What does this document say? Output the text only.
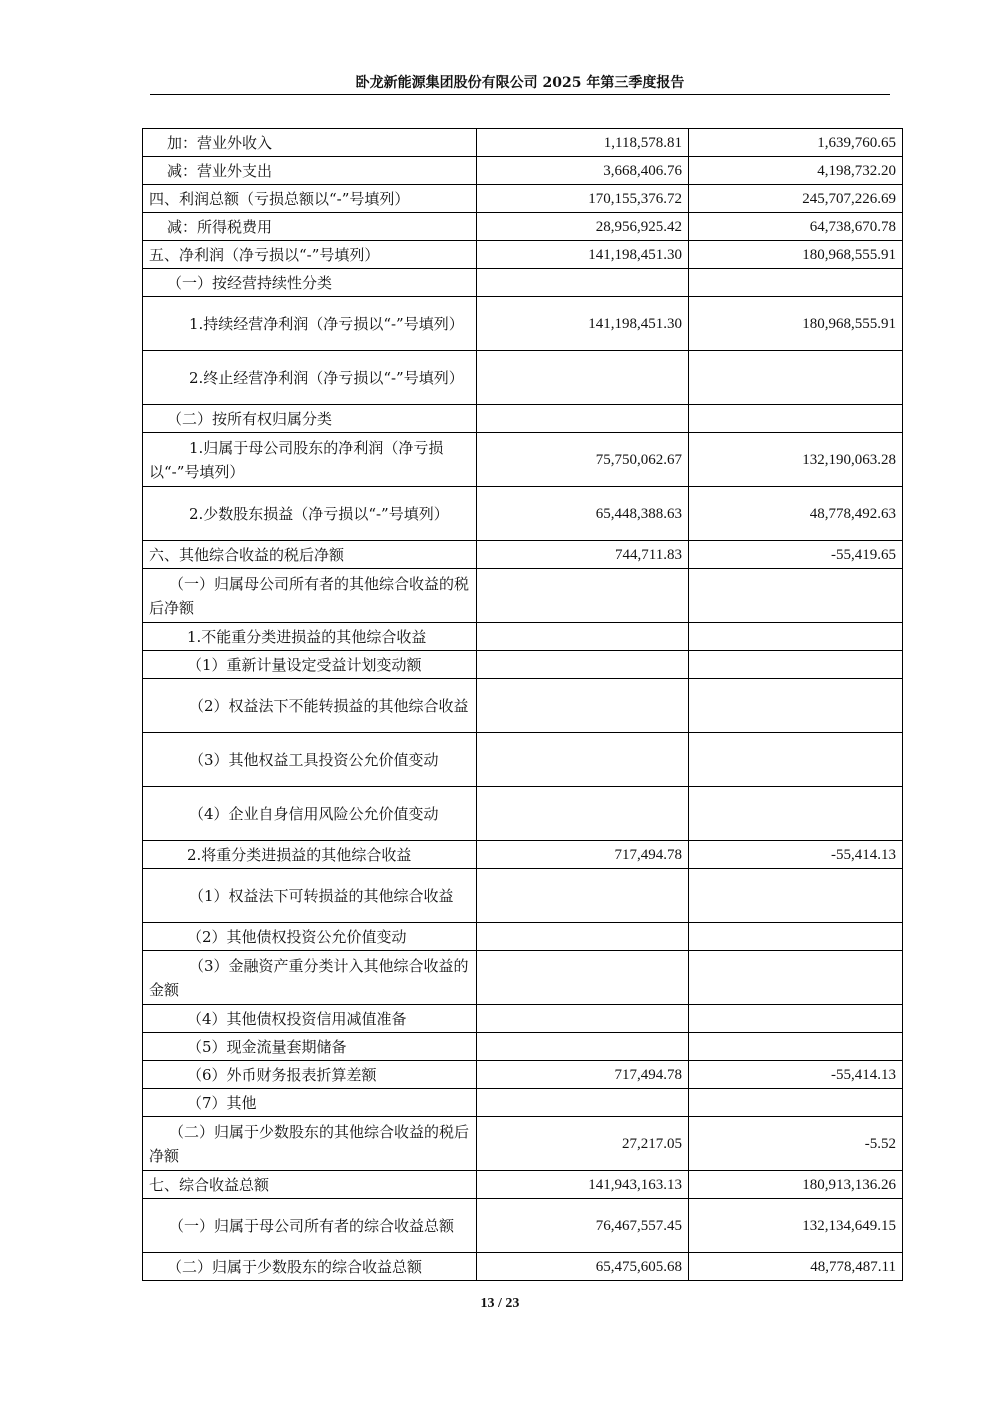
卧龙新能源集团股份有限公司 2025 年第三季度报告
加：营业外收入	1,118,578.81	1,639,760.65
减：营业外支出	3,668,406.76	4,198,732.20
四、利润总额（亏损总额以“-”号填列）	170,155,376.72	245,707,226.69
减：所得税费用	28,956,925.42	64,738,670.78
五、净利润（净亏损以“-”号填列）	141,198,451.30	180,968,555.91
（一）按经营持续性分类		
1.持续经营净利润（净亏损以“-”号填列）	141,198,451.30	180,968,555.91
2.终止经营净利润（净亏损以“-”号填列）		
（二）按所有权归属分类		
1.归属于母公司股东的净利润（净亏损以“-”号填列）	75,750,062.67	132,190,063.28
2.少数股东损益（净亏损以“-”号填列）	65,448,388.63	48,778,492.63
六、其他综合收益的税后净额	744,711.83	-55,419.65
（一）归属母公司所有者的其他综合收益的税后净额		
1.不能重分类进损益的其他综合收益		
（1）重新计量设定受益计划变动额		
（2）权益法下不能转损益的其他综合收益		
（3）其他权益工具投资公允价值变动		
（4）企业自身信用风险公允价值变动		
2.将重分类进损益的其他综合收益	717,494.78	-55,414.13
（1）权益法下可转损益的其他综合收益		
（2）其他债权投资公允价值变动		
（3）金融资产重分类计入其他综合收益的金额		
（4）其他债权投资信用减值准备		
（5）现金流量套期储备		
（6）外币财务报表折算差额	717,494.78	-55,414.13
（7）其他		
（二）归属于少数股东的其他综合收益的税后净额	27,217.05	-5.52
七、综合收益总额	141,943,163.13	180,913,136.26
（一）归属于母公司所有者的综合收益总额	76,467,557.45	132,134,649.15
（二）归属于少数股东的综合收益总额	65,475,605.68	48,778,487.11
13 / 23
